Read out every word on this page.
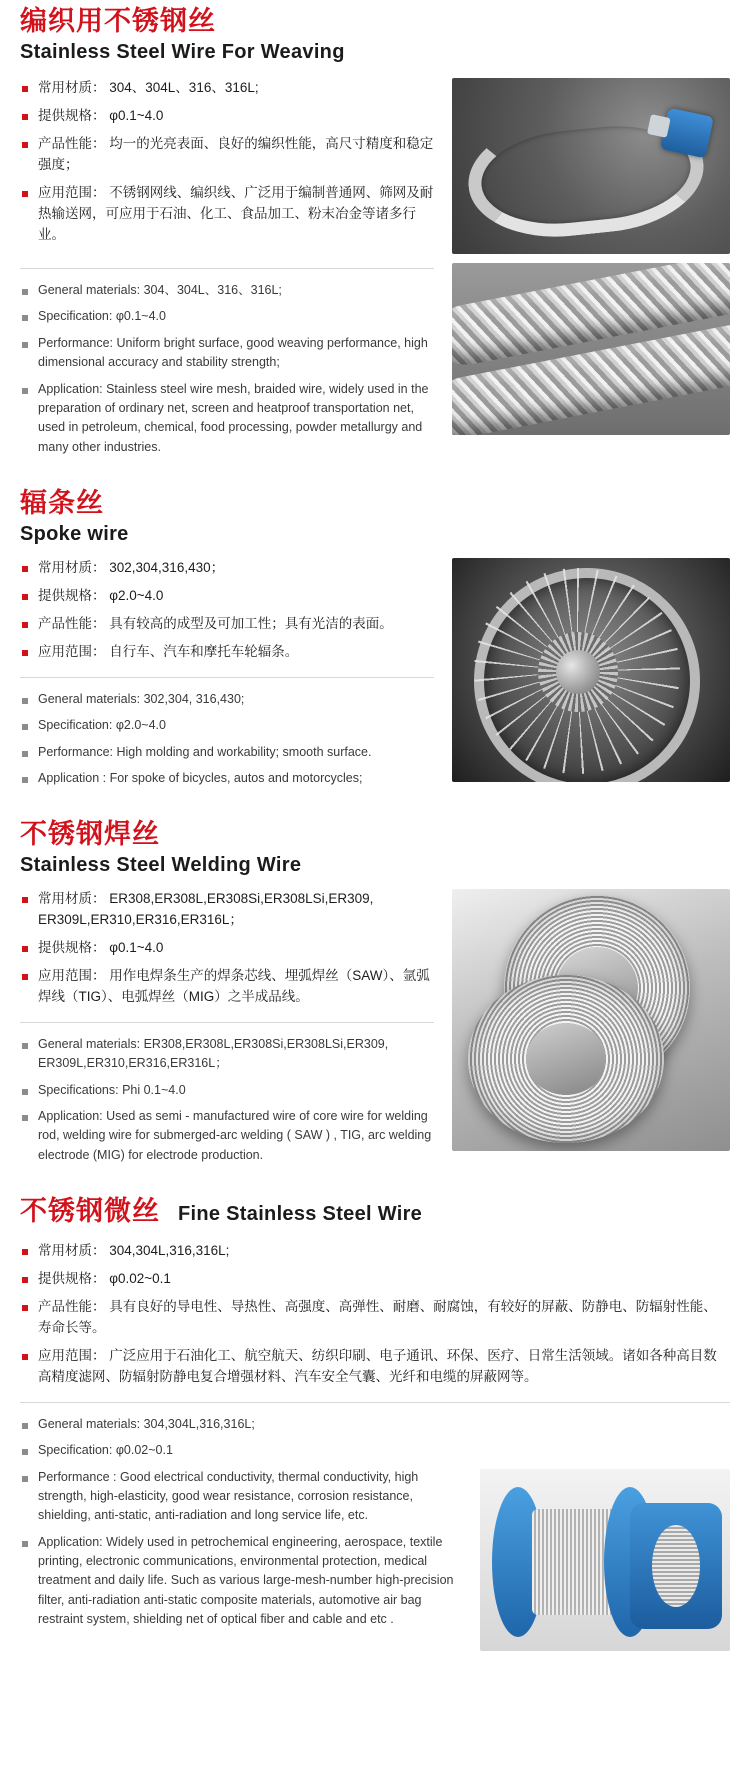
编织用不锈钢丝
Stainless Steel Wire For Weaving
常用材质： 304、304L、316、316L;
提供规格： φ0.1~4.0
产品性能： 均一的光亮表面、良好的编织性能，高尺寸精度和稳定强度；
应用范围： 不锈钢网线、编织线、广泛用于编制普通网、筛网及耐热输送网，可应用于石油、化工、食品加工、粉末冶金等诸多行业。
General materials: 304、304L、316、316L;
Specification: φ0.1~4.0
Performance: Uniform bright surface, good weaving performance, high dimensional accuracy and stability strength;
Application: Stainless steel wire mesh, braided wire, widely used in the preparation of ordinary net, screen and heatproof transportation net, used in petroleum, chemical, food processing, powder metallurgy and many other industries.
辐条丝
Spoke wire
常用材质： 302,304,316,430；
提供规格： φ2.0~4.0
产品性能： 具有较高的成型及可加工性；具有光洁的表面。
应用范围： 自行车、汽车和摩托车轮辐条。
General materials: 302,304, 316,430;
Specification: φ2.0~4.0
Performance: High molding and workability; smooth surface.
Application : For spoke of bicycles, autos and motorcycles;
不锈钢焊丝
Stainless Steel Welding Wire
常用材质： ER308,ER308L,ER308Si,ER308LSi,ER309, ER309L,ER310,ER316,ER316L；
提供规格： φ0.1~4.0
应用范围： 用作电焊条生产的焊条芯线、埋弧焊丝（SAW）、氩弧焊线（TIG）、电弧焊丝（MIG）之半成品线。
General materials: ER308,ER308L,ER308Si,ER308LSi,ER309, ER309L,ER310,ER316,ER316L；
Specifications: Phi 0.1~4.0
Application: Used as semi - manufactured wire of core wire for welding rod, welding wire for submerged-arc welding ( SAW ) , TIG, arc welding electrode (MIG) for electrode production.
不锈钢微丝 Fine Stainless Steel Wire
常用材质： 304,304L,316,316L;
提供规格： φ0.02~0.1
产品性能： 具有良好的导电性、导热性、高强度、高弹性、耐磨、耐腐蚀，有较好的屏蔽、防静电、防辐射性能、寿命长等。
应用范围： 广泛应用于石油化工、航空航天、纺织印刷、电子通讯、环保、医疗、日常生活领域。诸如各种高目数高精度滤网、防辐射防静电复合增强材料、汽车安全气囊、光纤和电缆的屏蔽网等。
General materials: 304,304L,316,316L;
Specification: φ0.02~0.1
Performance : Good electrical conductivity, thermal conductivity, high strength, high-elasticity, good wear resistance, corrosion resistance, shielding, anti-static, anti-radiation and long service life, etc.
Application: Widely used in petrochemical engineering, aerospace, textile printing, electronic communications, environmental protection, medical treatment and daily life. Such as various large-mesh-number high-precision filter, anti-radiation anti-static composite materials, automotive air bag restraint system, shielding net of optical fiber and cable and etc .
